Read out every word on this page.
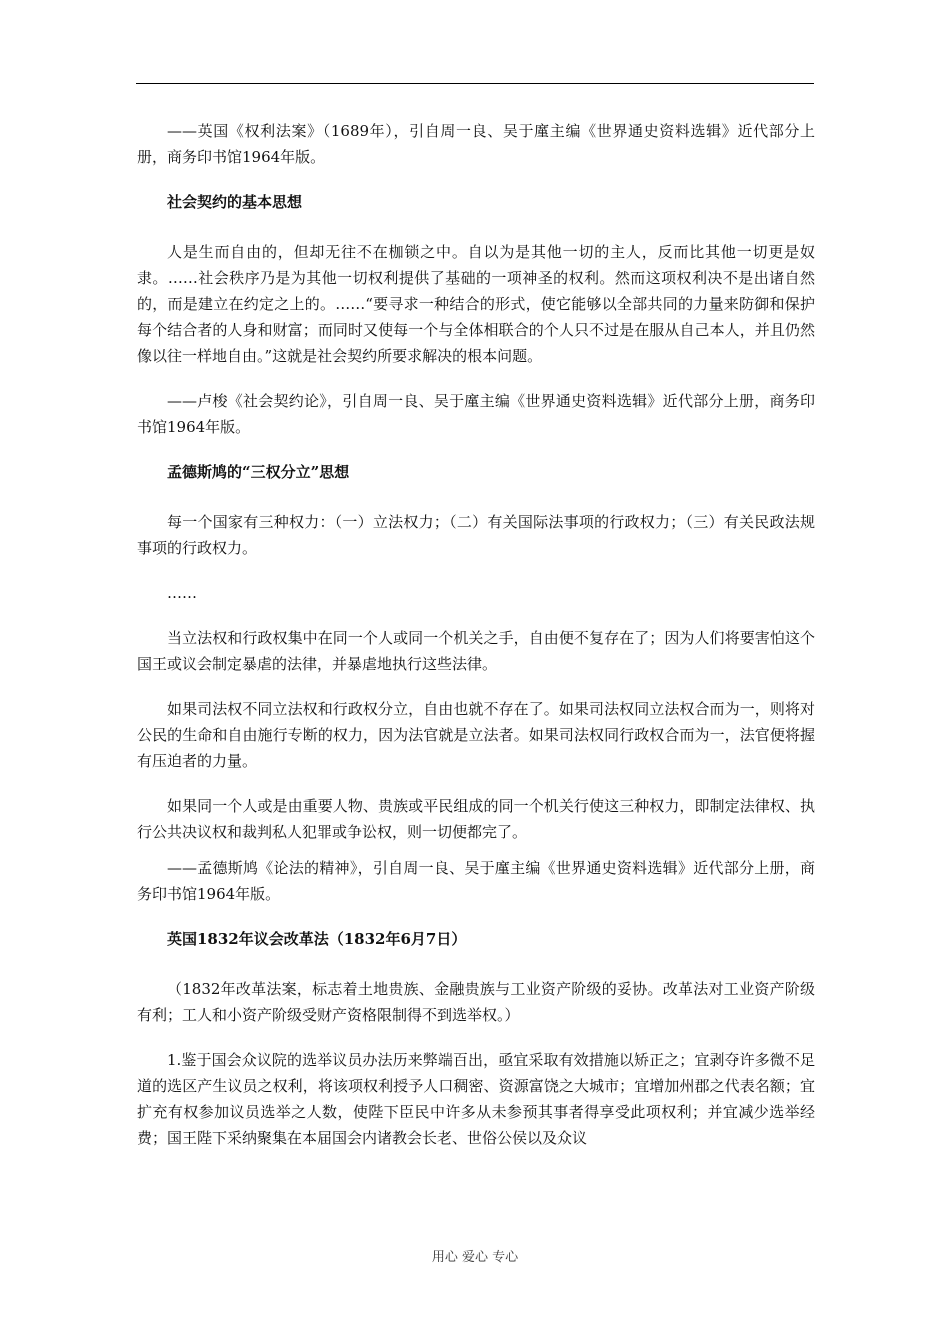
——英国《权利法案》（1689年），引自周一良、吴于廑主编《世界通史资料选辑》近代部分上册，商务印书馆1964年版。

社会契约的基本思想

人是生而自由的，但却无往不在枷锁之中。自以为是其他一切的主人，反而比其他一切更是奴隶。……社会秩序乃是为其他一切权利提供了基础的一项神圣的权利。然而这项权利决不是出诸自然的，而是建立在约定之上的。……“要寻求一种结合的形式，使它能够以全部共同的力量来防御和保护每个结合者的人身和财富；而同时又使每一个与全体相联合的个人只不过是在服从自己本人，并且仍然像以往一样地自由。”这就是社会契约所要求解决的根本问题。

——卢梭《社会契约论》，引自周一良、吴于廑主编《世界通史资料选辑》近代部分上册，商务印书馆1964年版。

孟德斯鸠的“三权分立”思想

每一个国家有三种权力：（一）立法权力；（二）有关国际法事项的行政权力；（三）有关民政法规事项的行政权力。

……

当立法权和行政权集中在同一个人或同一个机关之手，自由便不复存在了；因为人们将要害怕这个国王或议会制定暴虐的法律，并暴虐地执行这些法律。

如果司法权不同立法权和行政权分立，自由也就不存在了。如果司法权同立法权合而为一，则将对公民的生命和自由施行专断的权力，因为法官就是立法者。如果司法权同行政权合而为一，法官便将握有压迫者的力量。

如果同一个人或是由重要人物、贵族或平民组成的同一个机关行使这三种权力，即制定法律权、执行公共决议权和裁判私人犯罪或争讼权，则一切便都完了。

——孟德斯鸠《论法的精神》，引自周一良、吴于廑主编《世界通史资料选辑》近代部分上册，商务印书馆1964年版。

英国1832年议会改革法（1832年6月7日）

（1832年改革法案，标志着土地贵族、金融贵族与工业资产阶级的妥协。改革法对工业资产阶级有利；工人和小资产阶级受财产资格限制得不到选举权。）

1.鉴于国会众议院的选举议员办法历来弊端百出，亟宜采取有效措施以矫正之；宜剥夺许多微不足道的选区产生议员之权利，将该项权利授予人口稠密、资源富饶之大城市；宜增加州郡之代表名额；宜扩充有权参加议员选举之人数，使陛下臣民中许多从未参预其事者得享受此项权利；并宜减少选举经费；国王陛下采纳聚集在本届国会内诸教会长老、世俗公侯以及众议

用心 爱心 专心
